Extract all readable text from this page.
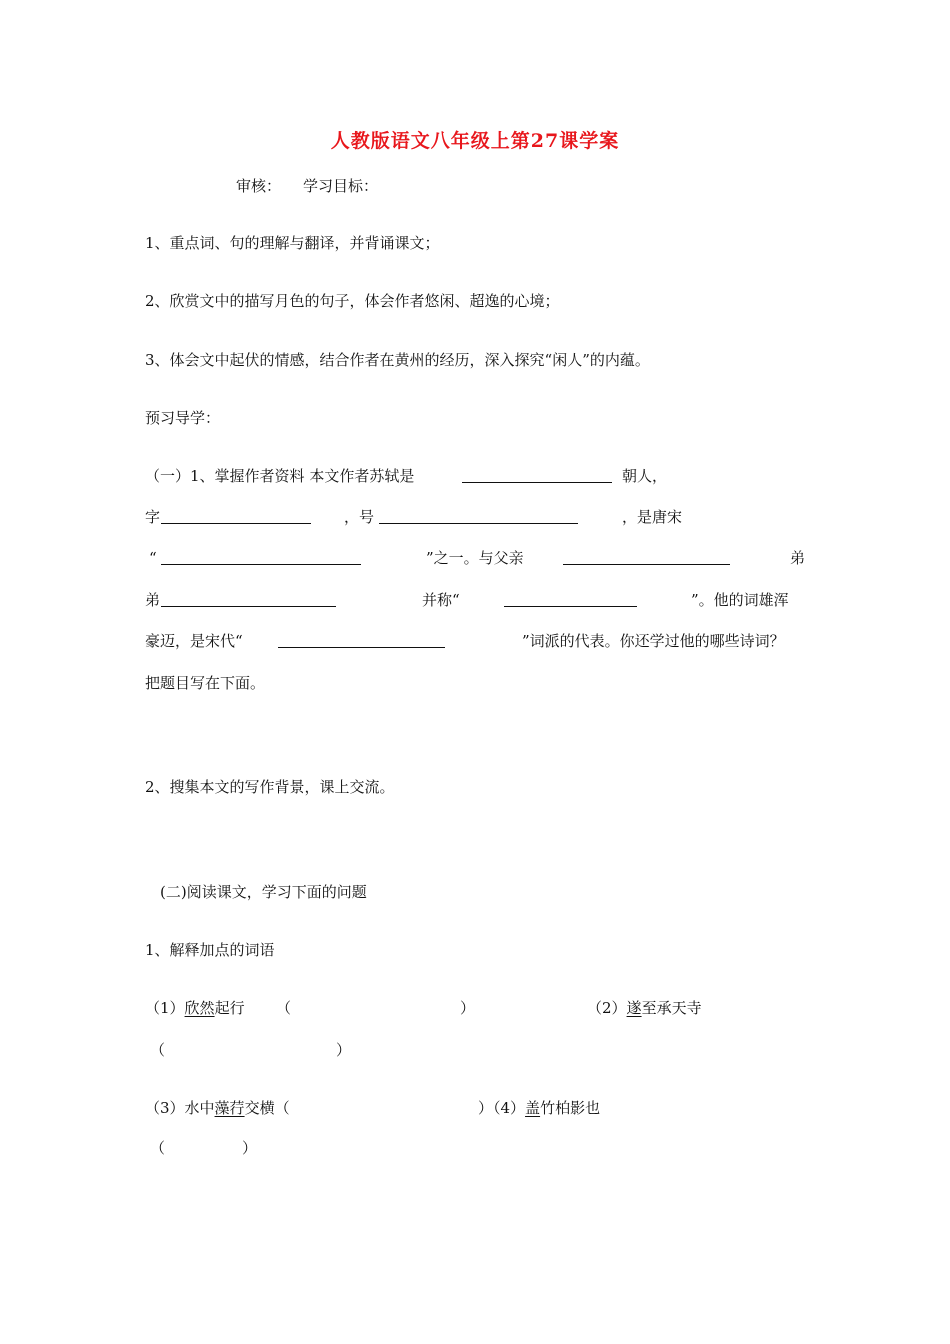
人教版语文八年级上第27课学案
审核： 学习目标：
1、重点词、句的理解与翻译，并背诵课文；
2、欣赏文中的描写月色的句子，体会作者悠闲、超逸的心境；
3、体会文中起伏的情感，结合作者在黄州的经历，深入探究“闲人”的内蕴。
预习导学：
（一）1、掌握作者资料 本文作者苏轼是	朝人，
字	，号	，是唐宋
“	”之一。与父亲	弟
弟	并称“	”。他的词雄浑
豪迈，是宋代“	”词派的代表。你还学过他的哪些诗词？
把题目写在下面。
2、搜集本文的写作背景，课上交流。
(二)阅读课文，学习下面的问题
1、解释加点的词语
（1）欣然起行 （	）	（2）遂至承天寺
（	）
（3）水中藻荇交横（	）（4）盖竹柏影也
（	）
